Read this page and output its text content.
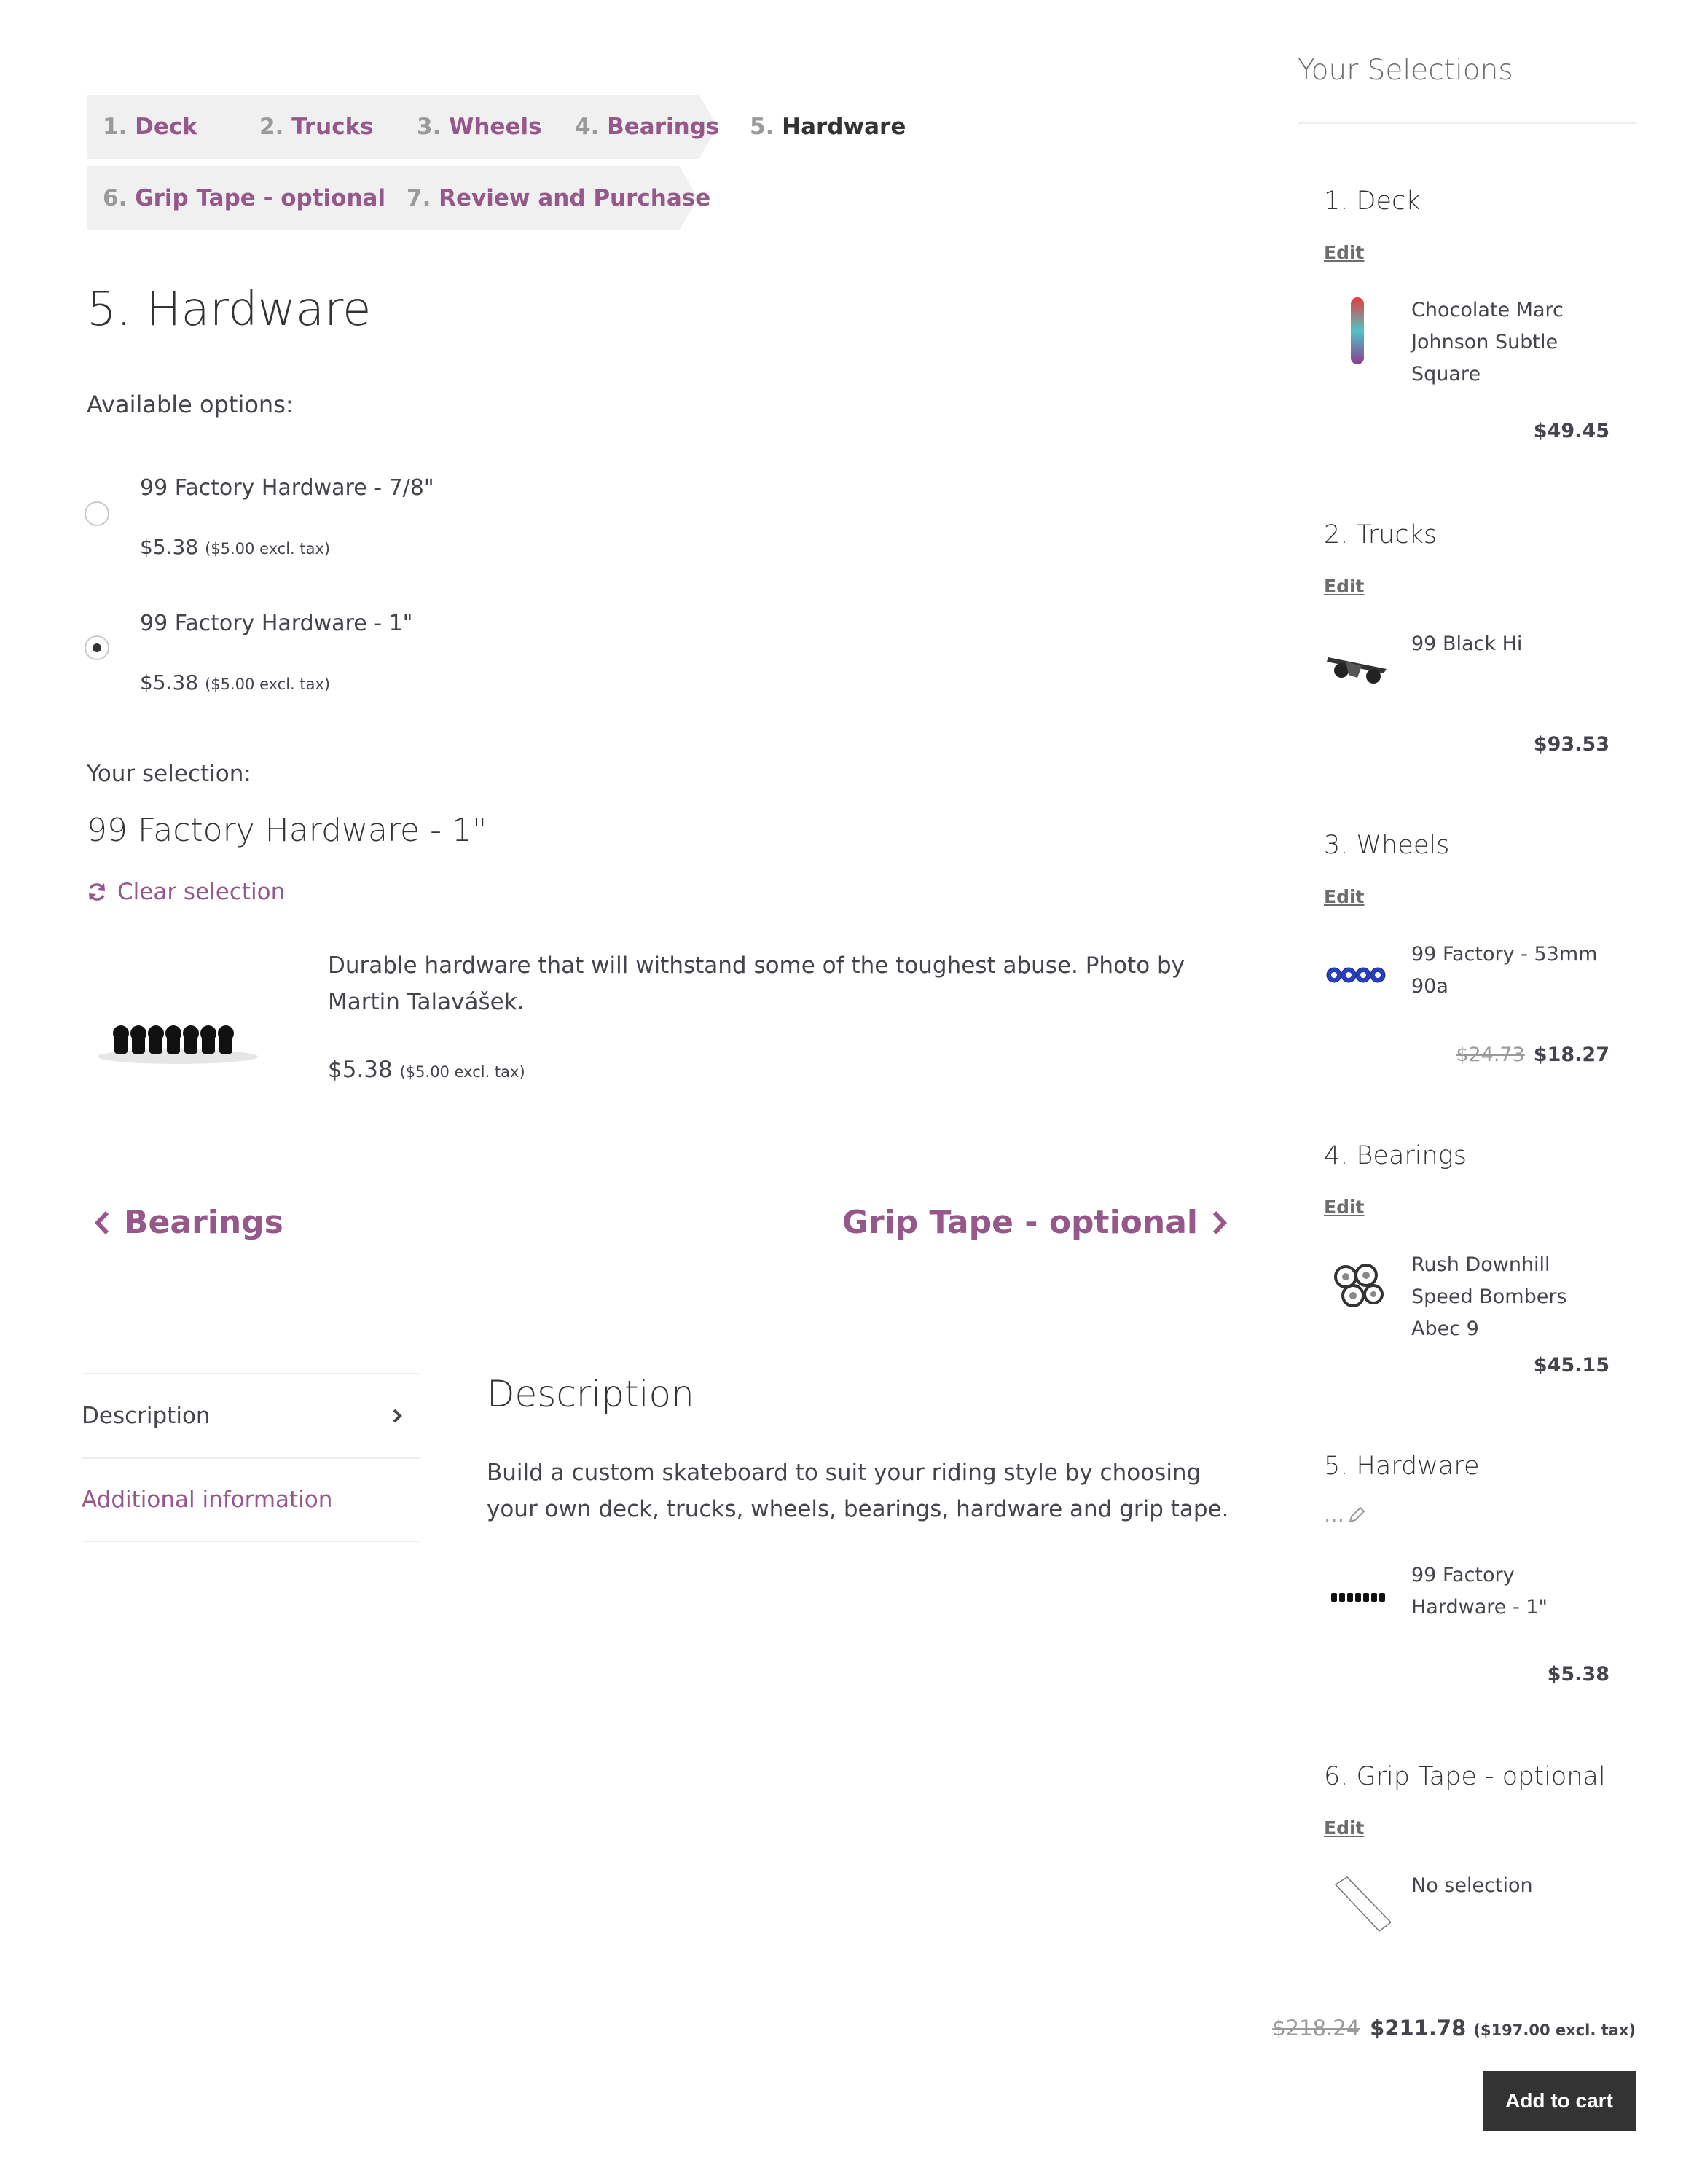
1. Deck	2. Trucks	3. Wheels	4. Bearings	5. Hardware
6. Grip Tape - optional 7. Review and Purchase
5. Hardware
Available options:
99 Factory Hardware - 7/8"
$5.38 ($5.00 excl. tax)
99 Factory Hardware - 1"
$5.38 ($5.00 excl. tax)
Your selection:
99 Factory Hardware - 1"
Clear selection
Durable hardware that will withstand some of the toughest abuse. Photo by Martin Talavášek.
$5.38 ($5.00 excl. tax)
Bearings	Grip Tape - optional
Description
Additional information
Description
Build a custom skateboard to suit your riding style by choosing your own deck, trucks, wheels, bearings, hardware and grip tape.
Your Selections
1. Deck
Edit
Chocolate Marc Johnson Subtle Square
$49.45
2. Trucks
Edit
99 Black Hi
$93.53
3. Wheels
Edit
99 Factory - 53mm 90a
$24.73 $18.27
4. Bearings
Edit
Rush Downhill Speed Bombers Abec 9
$45.15
5. Hardware
…
99 Factory Hardware - 1"
$5.38
6. Grip Tape - optional
Edit
No selection
$218.24 $211.78 ($197.00 excl. tax)
Add to cart
